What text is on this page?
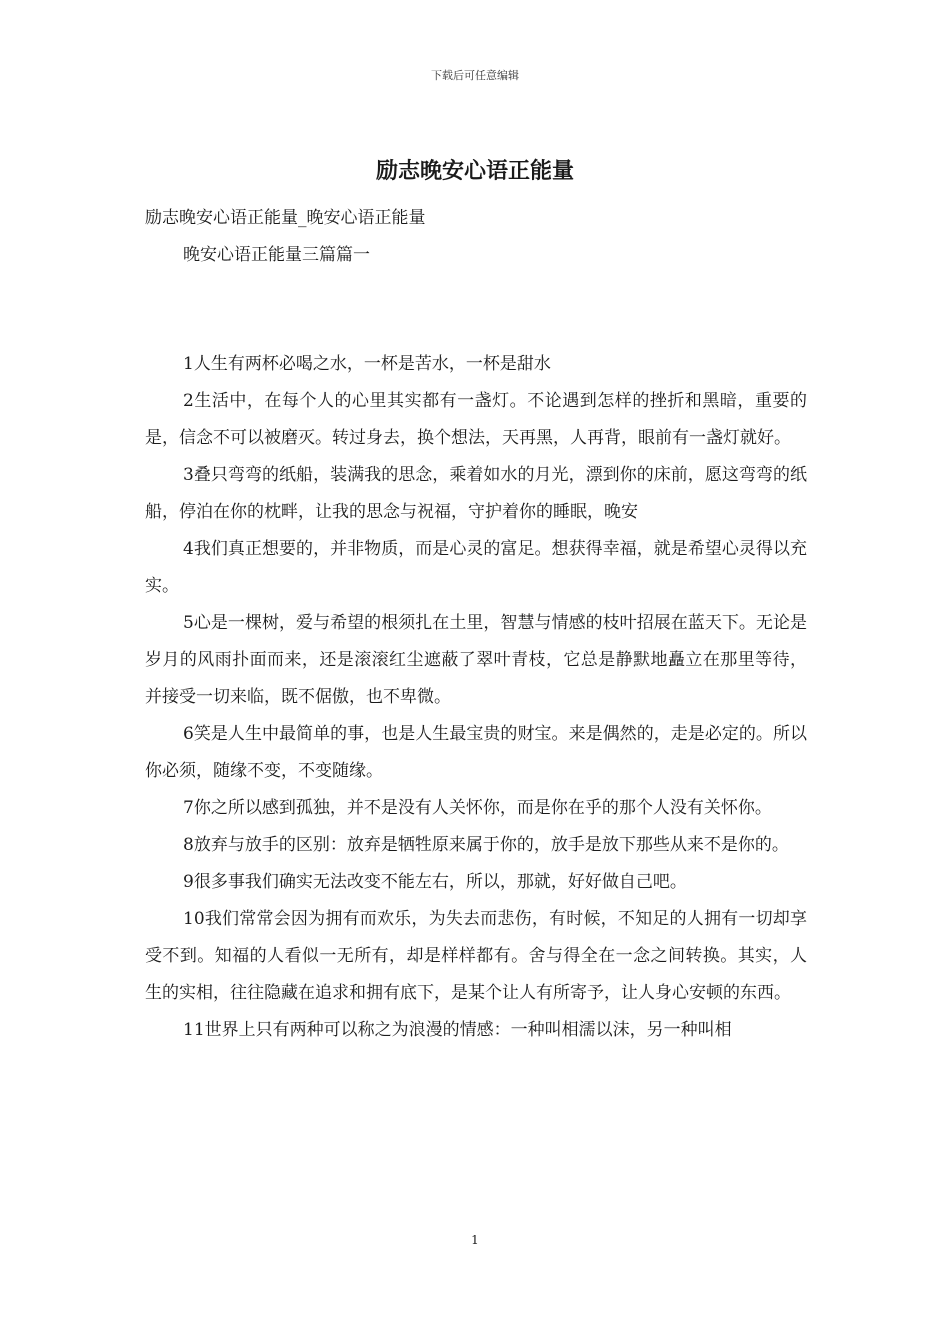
下载后可任意编辑
励志晚安心语正能量
励志晚安心语正能量_晚安心语正能量
晚安心语正能量三篇篇一

1人生有两杯必喝之水，一杯是苦水，一杯是甜水

2生活中，在每个人的心里其实都有一盏灯。不论遇到怎样的挫折和黑暗，重要的是，信念不可以被磨灭。转过身去，换个想法，天再黑，人再背，眼前有一盏灯就好。

3叠只弯弯的纸船，装满我的思念，乘着如水的月光，漂到你的床前，愿这弯弯的纸船，停泊在你的枕畔，让我的思念与祝福，守护着你的睡眠，晚安

4我们真正想要的，并非物质，而是心灵的富足。想获得幸福，就是希望心灵得以充实。

5心是一棵树，爱与希望的根须扎在土里，智慧与情感的枝叶招展在蓝天下。无论是岁月的风雨扑面而来，还是滚滚红尘遮蔽了翠叶青枝，它总是静默地矗立在那里等待，并接受一切来临，既不倨傲，也不卑微。

6笑是人生中最简单的事，也是人生最宝贵的财宝。来是偶然的，走是必定的。所以你必须，随缘不变，不变随缘。

7你之所以感到孤独，并不是没有人关怀你，而是你在乎的那个人没有关怀你。

8放弃与放手的区别：放弃是牺牲原来属于你的，放手是放下那些从来不是你的。

9很多事我们确实无法改变不能左右，所以，那就，好好做自己吧。

10我们常常会因为拥有而欢乐，为失去而悲伤，有时候，不知足的人拥有一切却享受不到。知福的人看似一无所有，却是样样都有。舍与得全在一念之间转换。其实，人生的实相，往往隐藏在追求和拥有底下，是某个让人有所寄予，让人身心安顿的东西。

11世界上只有两种可以称之为浪漫的情感：一种叫相濡以沫，另一种叫相

1
